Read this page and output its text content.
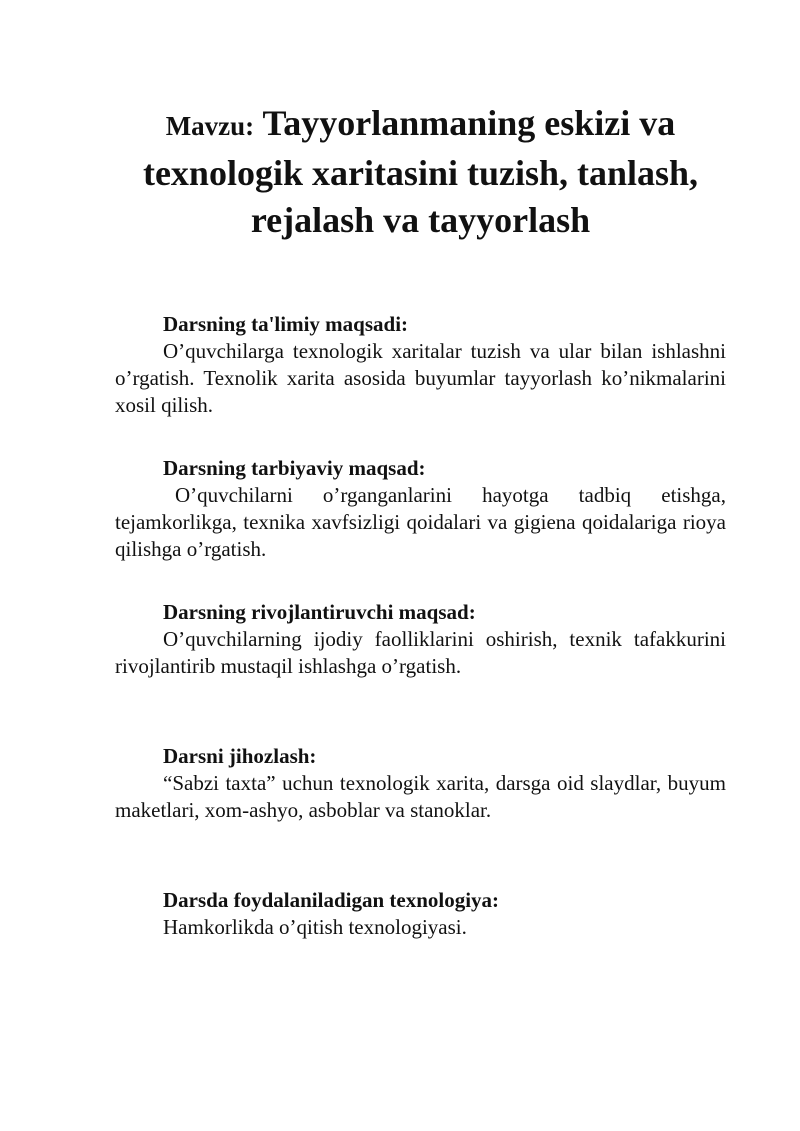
Mavzu: Tayyorlanmaning eskizi va texnologik xaritasini tuzish, tanlash, rejalash va tayyorlash

Darsning ta'limiy maqsadi:

O’quvchilarga texnologik xaritalar tuzish va ular bilan ishlashni o’rgatish. Texnolik xarita asosida buyumlar tayyorlash ko’nikmalarini xosil qilish.

Darsning tarbiyaviy maqsad:

O’quvchilarni o’rganganlarini hayotga tadbiq etishga, tejamkorlikga, texnika xavfsizligi qoidalari va gigiena qoidalariga rioya qilishga o’rgatish.

Darsning rivojlantiruvchi maqsad:

O’quvchilarning ijodiy faolliklarini oshirish, texnik tafakkurini rivojlantirib mustaqil ishlashga o’rgatish.

Darsni jihozlash:

“Sabzi taxta” uchun texnologik xarita, darsga oid slaydlar, buyum maketlari, xom-ashyo, asboblar va stanoklar.

Darsda foydalaniladigan texnologiya:

Hamkorlikda o’qitish texnologiyasi.
